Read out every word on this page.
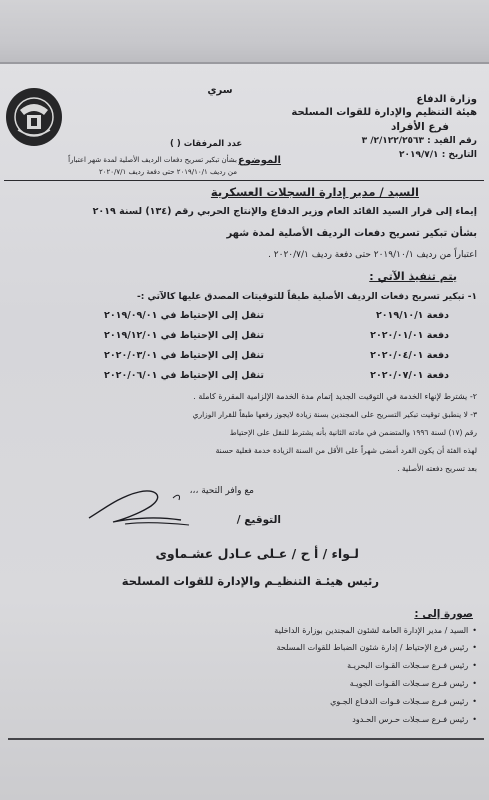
سري
وزارة الدفاع
هيئة التنظيم والإدارة للقوات المسلحة
فرع الأفراد
رقم القيد : ٢/١٢٢/٢٥٦٣/ ٣
التاريخ : ٢٠١٩/٧/١
عدد المرفقات ( )
الموضوع
بشأن تبكير تسريح دفعات الرديف الأصلية لمدة شهر اعتباراً
من رديف ٢٠١٩/١٠/١ حتى دفعة رديف ٢٠٢٠/٧/١
السيد / مدير إدارة السجلات العسكرية
إيماء إلى قرار السيد القائد العام وزير الدفاع والإنتاج الحربي رقم (١٣٤) لسنة ٢٠١٩
بشأن تبكير تسريح دفعات الرديف الأصلية لمدة شهر
اعتباراً من رديف ٢٠١٩/١٠/١ حتى دفعة رديف ٢٠٢٠/٧/١ .
يتم تنفيذ الآتي :
١- تبكير تسريح دفعات الرديف الأصلية طبقاً للتوقيتات المصدق عليها كالآتي :-
دفعة ٢٠١٩/١٠/١
تنقل إلى الإحتياط في ٢٠١٩/٠٩/٠١
دفعة ٢٠٢٠/٠١/٠١
تنقل إلى الإحتياط في ٢٠١٩/١٢/٠١
دفعة ٢٠٢٠/٠٤/٠١
تنقل إلى الإحتياط في ٢٠٢٠/٠٣/٠١
دفعة ٢٠٢٠/٠٧/٠١
تنقل إلى الإحتياط في ٢٠٢٠/٠٦/٠١
٢- يشترط لإنهاء الخدمة في التوقيت الجديد إتمام مدة الخدمة الإلزامية المقررة كاملة .
٣- لا ينطبق توقيت تبكير التسريح على المجندين بسنة زيادة لايجوز رفعها طبقاً للقرار الوزاري
رقم (١٧) لسنة ١٩٩٦ والمتضمن في مادته الثانية بأنه يشترط للنقل على الإحتياط
لهذه الفئة أن يكون الفرد أمضى شهراً على الأقل من السنة الزيادة خدمة فعلية حسنة
بعد تسريح دفعته الأصلية .
مع وافر التحية ،،،
التوقيع /
لـواء / أ ح / عـلى عـادل عشـماوى
رئيس هيئـة التنظيـم والإدارة للقوات المسلحة
صورة إلى :
• السيد / مدير الإدارة العامة لشئون المجندين بوزارة الداخلية
• رئيس فرع الإحتياط / إدارة شئون الضباط للقوات المسلحة
• رئيس فـرع سـجلات القـوات البحريـة
• رئيس فـرع سـجلات القـوات الجويـة
• رئيس فـرع سـجلات قـوات الدفـاع الجـوي
• رئيس فـرع سـجلات حـرس الحـدود
